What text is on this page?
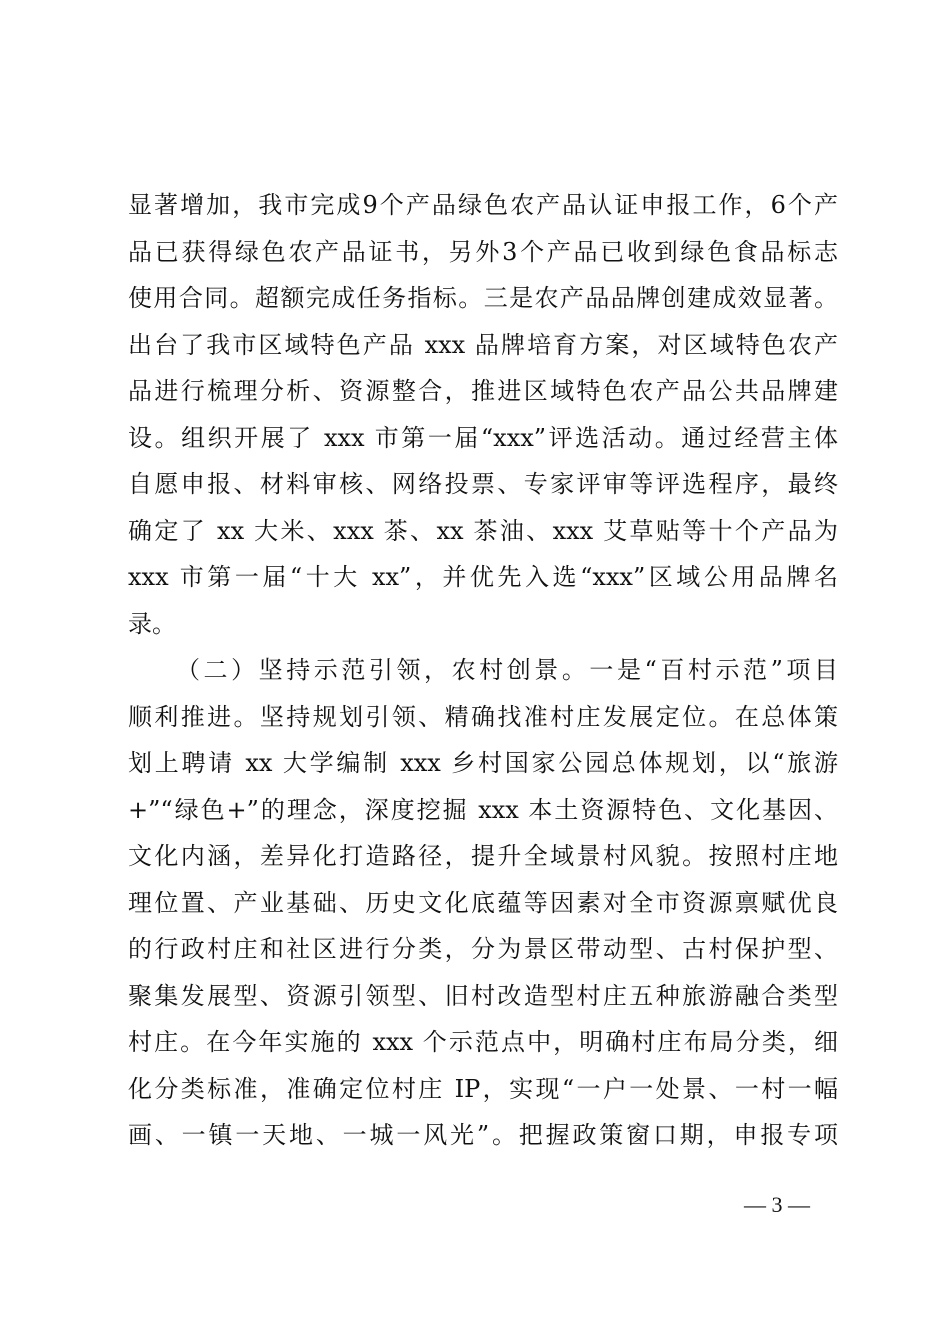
显著增加，我市完成9个产品绿色农产品认证申报工作，6个产
品已获得绿色农产品证书，另外3个产品已收到绿色食品标志
使用合同。超额完成任务指标。三是农产品品牌创建成效显著。
出台了我市区域特色产品 xxx 品牌培育方案，对区域特色农产
品进行梳理分析、资源整合，推进区域特色农产品公共品牌建
设。组织开展了 xxx 市第一届“xxx”评选活动。通过经营主体
自愿申报、材料审核、网络投票、专家评审等评选程序，最终
确定了 xx 大米、xxx 茶、xx 茶油、xxx 艾草贴等十个产品为
xxx 市第一届“十大 xx”，并优先入选“xxx”区域公用品牌名
录。
（二）坚持示范引领，农村创景。一是“百村示范”项目
顺利推进。坚持规划引领、精确找准村庄发展定位。在总体策
划上聘请 xx 大学编制 xxx 乡村国家公园总体规划，以“旅游
+”“绿色+”的理念，深度挖掘 xxx 本土资源特色、文化基因、
文化内涵，差异化打造路径，提升全域景村风貌。按照村庄地
理位置、产业基础、历史文化底蕴等因素对全市资源禀赋优良
的行政村庄和社区进行分类，分为景区带动型、古村保护型、
聚集发展型、资源引领型、旧村改造型村庄五种旅游融合类型
村庄。在今年实施的 xxx 个示范点中，明确村庄布局分类，细
化分类标准，准确定位村庄 IP，实现“一户一处景、一村一幅
画、一镇一天地、一城一风光”。把握政策窗口期，申报专项
— 3 —
